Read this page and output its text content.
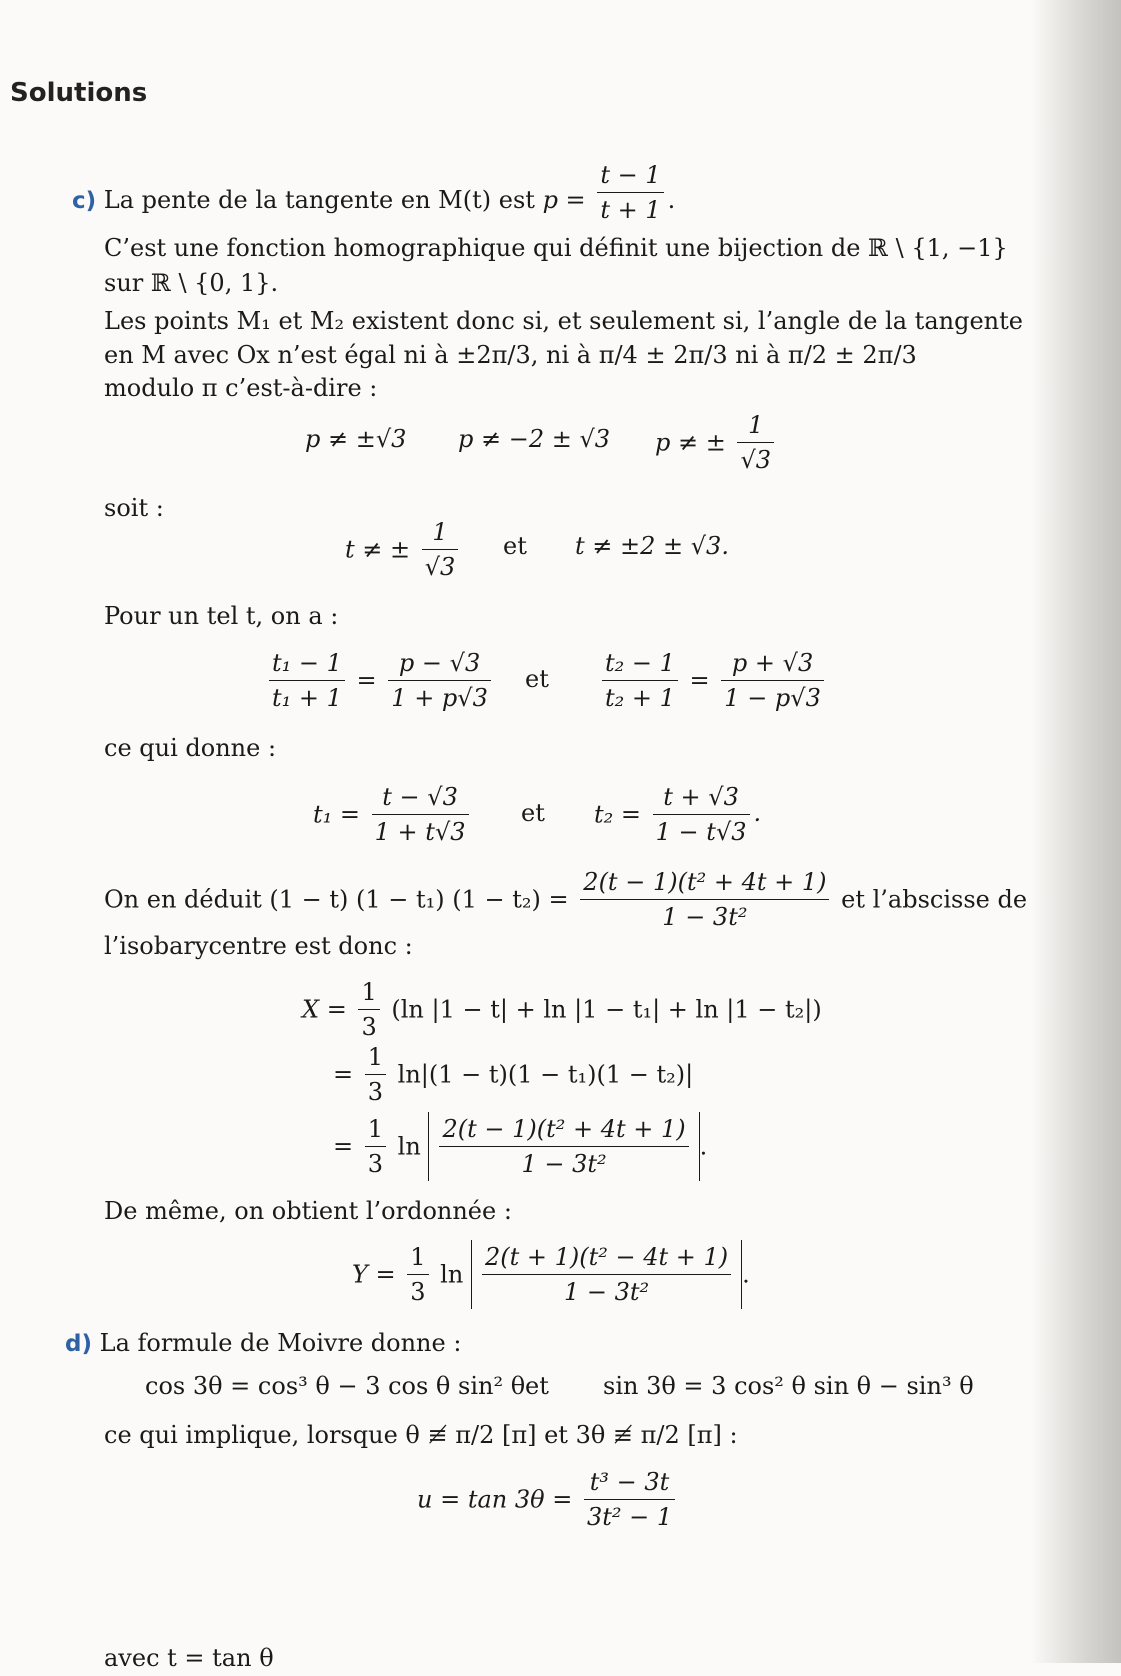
Solutions
c) La pente de la tangente en M(t) est $p = \frac{t - 1}{t + 1}$ .
C’est une fonction homographique qui définit une bijection de ℝ \ {1, −1}
sur ℝ \ {0, 1}.
Les points M₁ et M₂ existent donc si, et seulement si, l’angle de la tangente
en M avec Ox n’est égal ni à ±2π/3, ni à π/4 ± 2π/3 ni à π/2 ± 2π/3
modulo π c’est-à-dire :
p ≠ ±√3 p ≠ −2 ± √3 p ≠ ± $\frac{1}{√3}$
soit :
t ≠ ± $\frac{1}{√3}$ et t ≠ ±2 ± √3.
Pour un tel t, on a :
$\frac{\text{t₁ − 1}}{\text{t₁ + 1}} = \frac{p - √3}{1 + p√3}$ et $\frac{\text{t₂ − 1}}{\text{t₂ + 1}} = \frac{p + √3}{1 - p√3}$
ce qui donne :
$t_1 = \frac{t - √3}{1 + t√3}$ et $t_2 = \frac{t + √3}{1 - t√3}$ .
On en déduit (1 − t) (1 − t₁) $(1 - t_2) = \frac{\text{2(t − 1)(t² + 4t + 1)}}{\text{1 − 3t²}}$ et l’abscisse de
l’isobarycentre est donc :
$X = \frac{1}{3} (\ln$ |1 − t| + ln |1 − t₁| + ln |1 − t₂|)
= $\frac{1}{3} \ln|(1 - t)(1 - t_1)(1 - t_2)|$
= $\frac{1}{3}$ $\ln \frac{\text{2(t − 1)(t² + 4t + 1)}}{\text{1 − 3t²}}$ .
De même, on obtient l’ordonnée :
$Y = \frac{1}{3}$ $\ln \frac{\text{2(t + 1)(t² − 4t + 1)}}{\text{1 − 3t²}}$ .
d) La formule de Moivre donne :
cos 3θ = cos³ θ − 3 cos θ sin² θ et sin 3θ = 3 cos² θ sin θ − sin³ θ
ce qui implique, lorsque θ ≢ π/2 [π] et 3θ ≢ π/2 [π] :
$u = \tan 3\theta = \frac{\text{t³ − 3t}}{\text{3t² − 1}}$
avec t = tan θ
